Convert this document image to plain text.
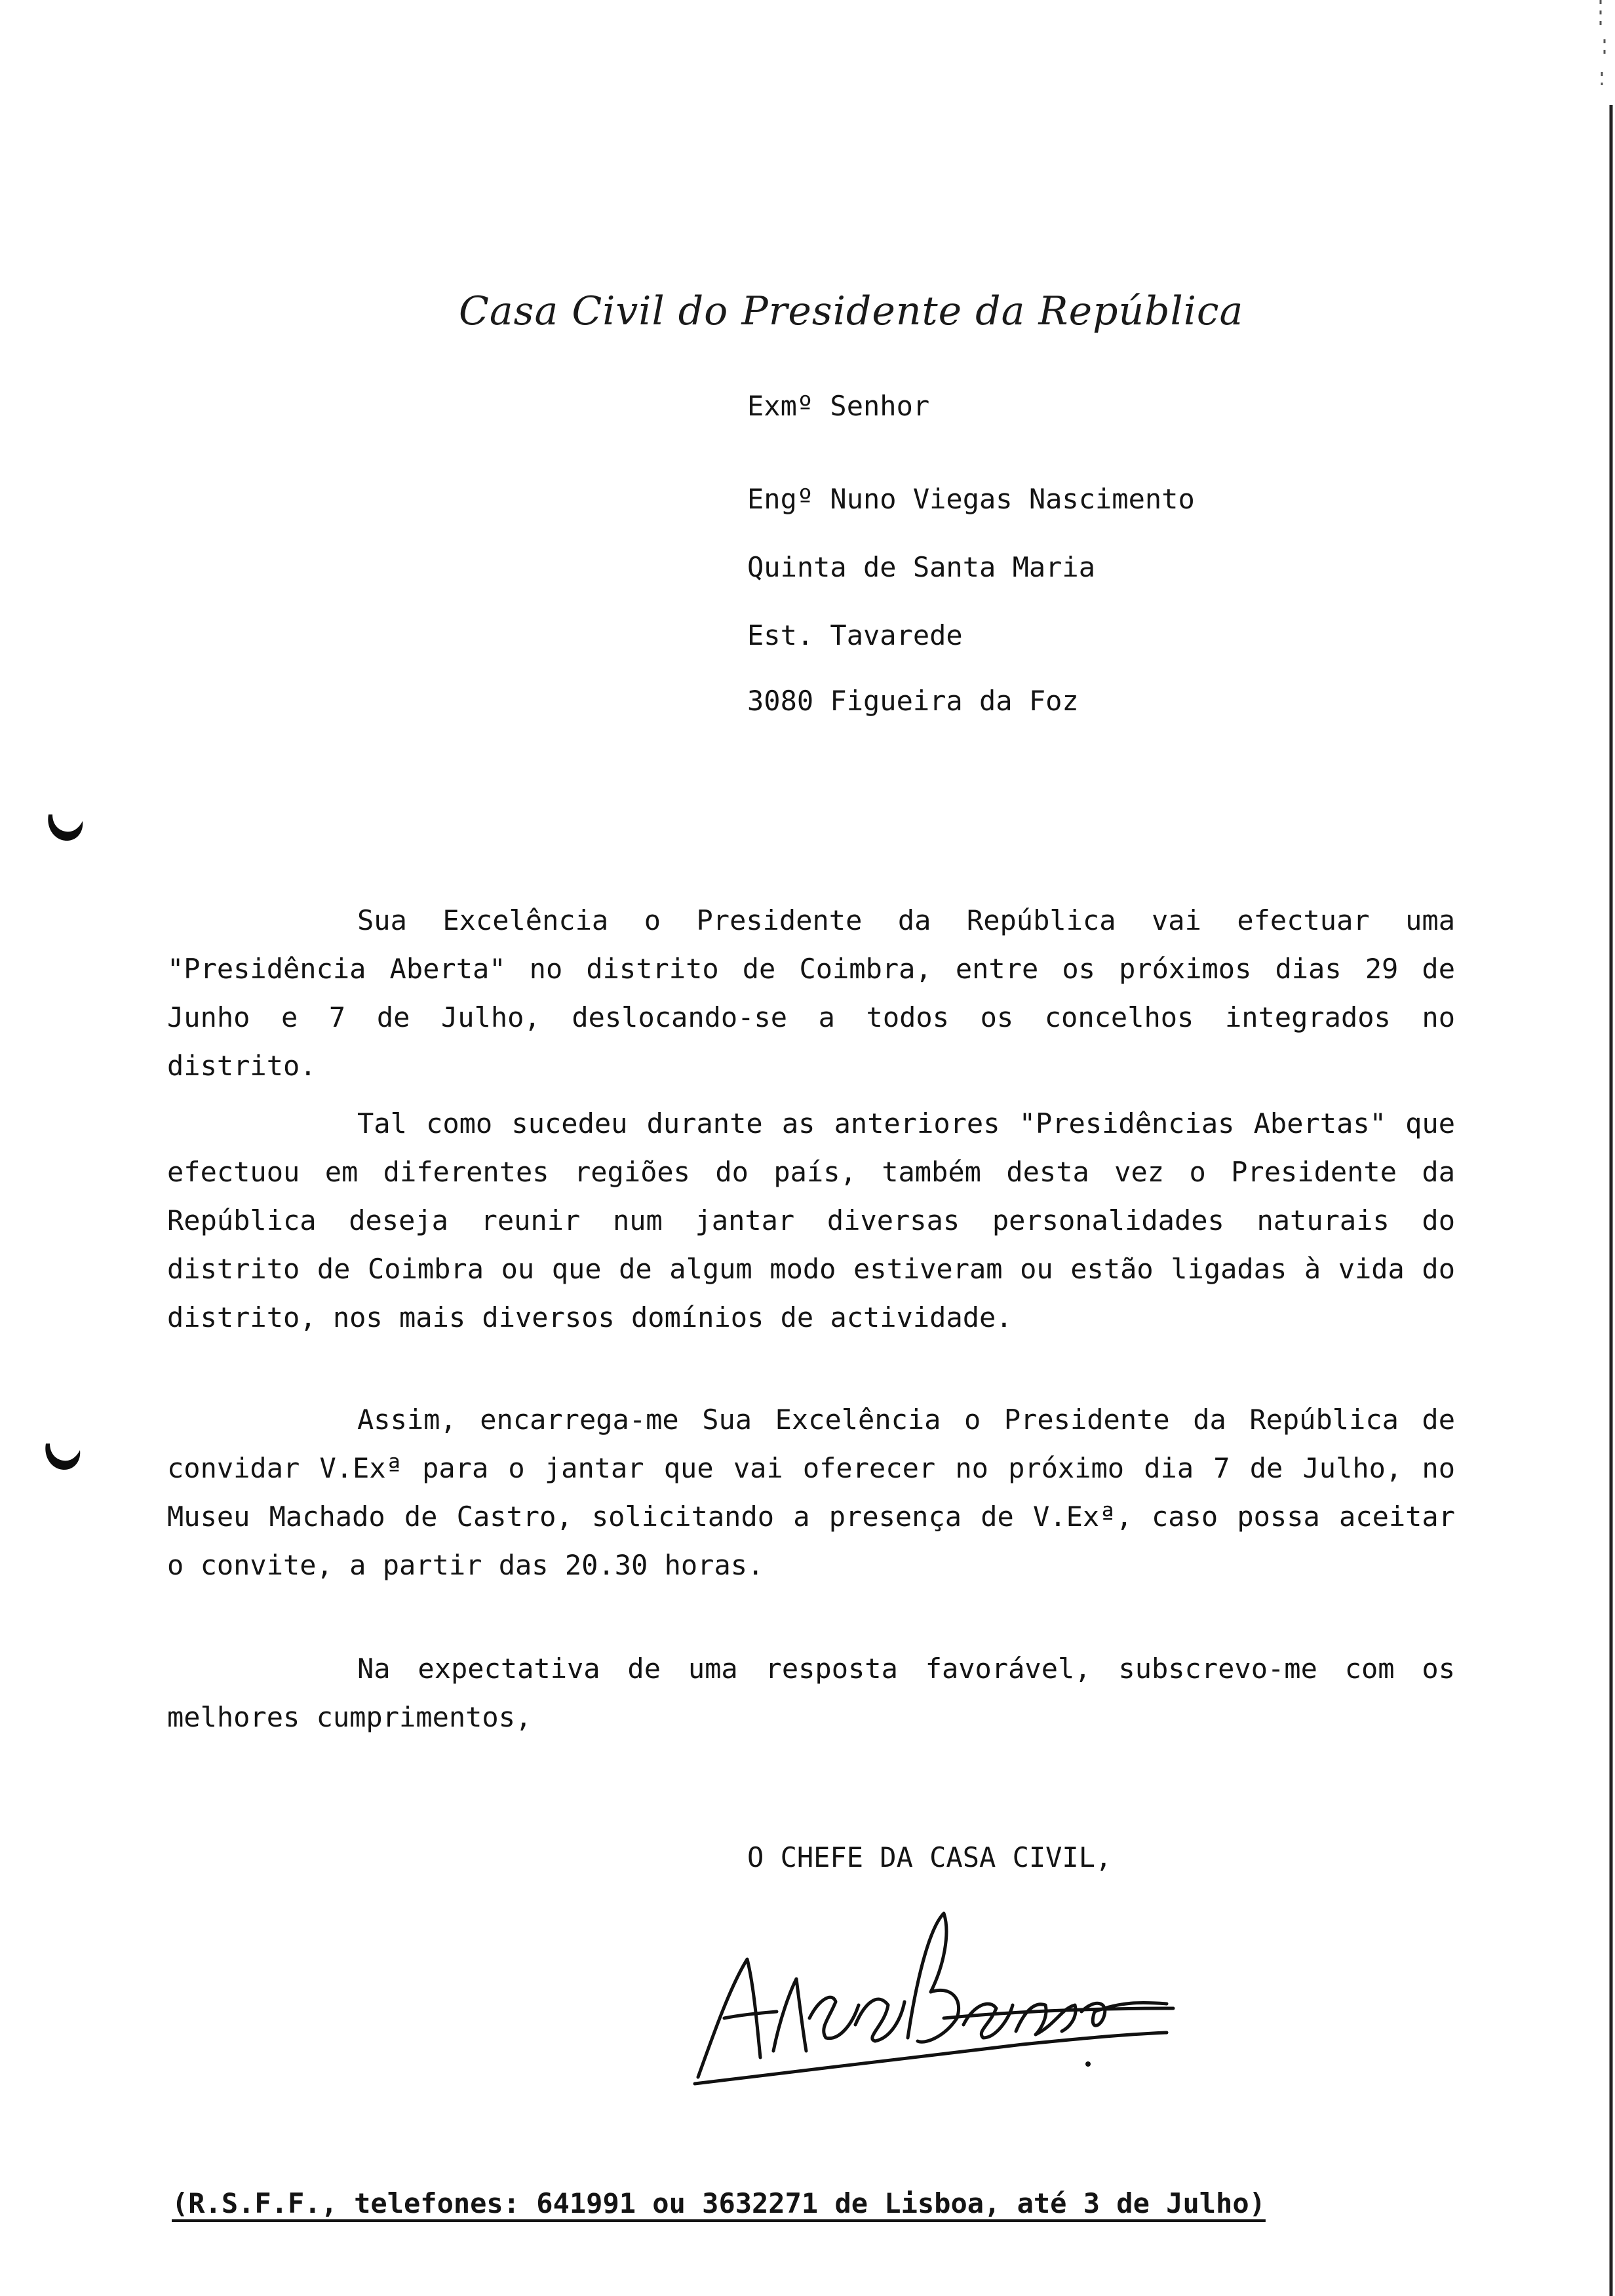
Casa Civil do Presidente da República
Exmº Senhor
Engº Nuno Viegas Nascimento
Quinta de Santa Maria
Est. Tavarede
3080 Figueira da Foz
Sua Excelência o Presidente da República vai efectuar uma "Presidência Aberta" no distrito de Coimbra, entre os próximos dias 29 de Junho e 7 de Julho, deslocando-se a todos os concelhos integrados no distrito.
Tal como sucedeu durante as anteriores "Presidências Abertas" que efectuou em diferentes regiões do país, também desta vez o Presidente da República deseja reunir num jantar diversas personalidades naturais do distrito de Coimbra ou que de algum modo estiveram ou estão ligadas à vida do distrito, nos mais diversos domínios de actividade.
Assim, encarrega-me Sua Excelência o Presidente da República de convidar V.Exª para o jantar que vai oferecer no próximo dia 7 de Julho, no Museu Machado de Castro, solicitando a presença de V.Exª, caso possa aceitar o convite, a partir das 20.30 horas.
Na expectativa de uma resposta favorável, subscrevo-me com os melhores cumprimentos,
O CHEFE DA CASA CIVIL,
(R.S.F.F., telefones: 641991 ou 3632271 de Lisboa, até 3 de Julho)
